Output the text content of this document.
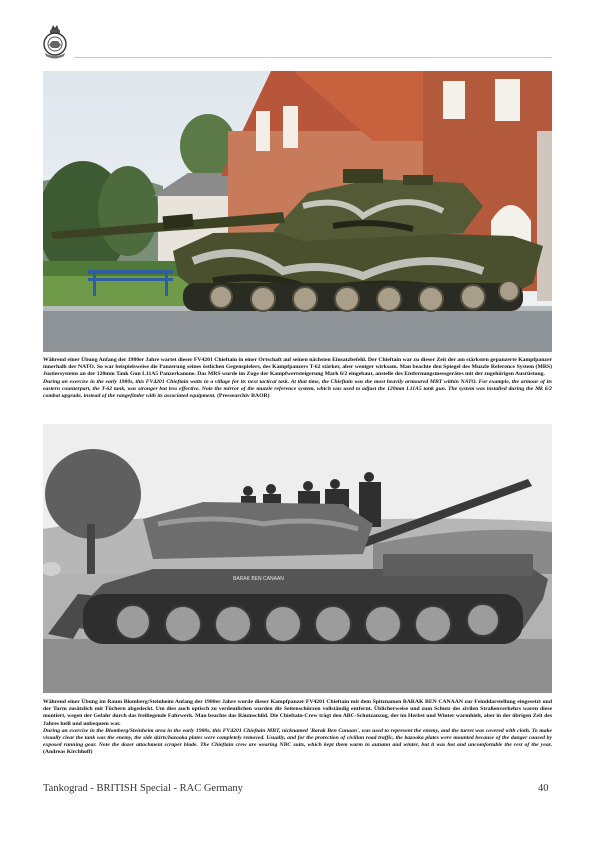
Während einer Übung Anfang der 1980er Jahre wartet dieser FV4201 Chieftain in einer Ortschaft auf seinen nächsten Einsatzbefehl. Der Chieftain war zu dieser Zeit der am stärksten gepanzerte Kampfpanzer innerhalb der NATO. So war beispielsweise die Panzerung seines östlichen Gegenspielers, des Kampfpanzers T-62 stärker, aber weniger wirksam. Man beachte den Spiegel des Muzzle Reference System (MRS) Justiersystems an der 120mm Tank Gun L11A5 Panzerkanone. Das MRS wurde im Zuge der Kampfwertsteigerung Mark 6/2 eingebaut, anstelle des Entfernungsmessgerätes mit der zugehörigen Ausrüstung.

During an exercise in the early 1980s, this FV4201 Chieftain waits in a village for its next tactical task. At that time, the Chieftain was the most heavily armoured MBT within NATO. For example, the armour of its eastern counterpart, the T-62 tank, was stronger but less effective. Note the mirror of the muzzle reference system, which was used to adjust the 120mm L11A5 tank gun. The system was installed during the Mk 6/2 combat upgrade, instead of the rangefinder with its associated equipment. (Pressearchiv BAOR)

BARAK BEN CANAAN

Während einer Übung im Raum Blomberg/Steinheim Anfang der 1980er Jahre wurde dieser Kampfpanzer FV4201 Chieftain mit dem Spitznamen BARAK BEN CANAAN zur Feinddarstellung eingesetzt und der Turm zusätzlich mit Tüchern abgedeckt. Um dies auch optisch zu verdeutlichen wurden die Seitenschürzen vollständig entfernt. Üblicherweise und zum Schutz des zivilen Straßenverkehrs waren diese montiert, wegen der Gefahr durch das freiliegende Fahrwerk. Man beachte das Räumschild. Die Chieftain-Crew trägt den ABC-Schutzanzug, der im Herbst und Winter warmhielt, aber in der übrigen Zeit des Jahres heiß und unbequem war.

During an exercise in the Blomberg/Steinheim area in the early 1980s, this FV4201 Chieftain MBT, nicknamed 'Barak Ben Canaan', was used to represent the enemy, and the turret was covered with cloth. To make visually clear the tank was the enemy, the side skirts/bazooka plates were completely removed. Usually, and for the protection of civilian road traffic, the bazooka plates were mounted because of the danger caused by exposed running gear. Note the dozer attachment scraper blade. The Chieftain crew are wearing NBC suits, which kept them warm in autumn and winter, but it was hot and uncomfortable the rest of the year. (Andreas Kirchhoff)

Tankograd - BRITISH Special - RAC Germany	40
